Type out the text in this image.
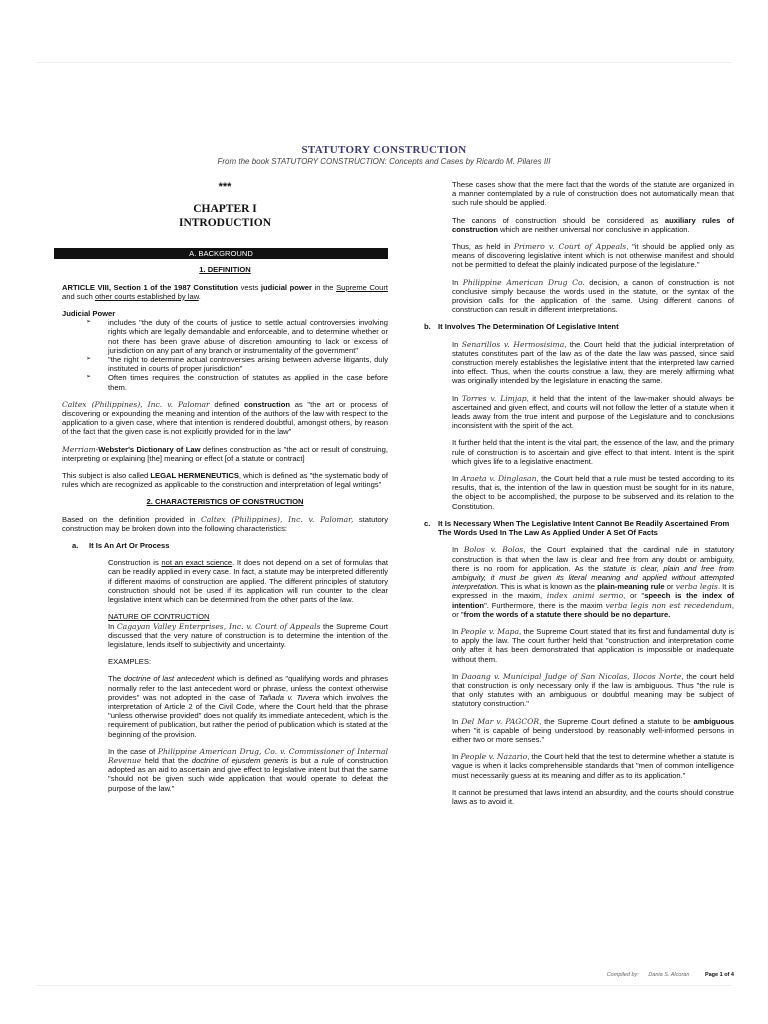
STATUTORY CONSTRUCTION
From the book STATUTORY CONSTRUCTION: Concepts and Cases by Ricardo M. Pilares III
***
CHAPTER I
INTRODUCTION
A. BACKGROUND
1. DEFINITION

ARTICLE VIII, Section 1 of the 1987 Constitution vests judicial power in the Supreme Court and such other courts established by law.

Judicial Power
➢ includes "the duty of the courts of justice to settle actual controversies involving rights which are legally demandable and enforceable, and to determine whether or not there has been grave abuse of discretion amounting to lack or excess of jurisdiction on any part of any branch or instrumentality of the government"
➢ "the right to determine actual controversies arising between adverse litigants, duly instituted in courts of proper jurisdiction"
➢ Often times requires the construction of statutes as applied in the case before them.

Caltex (Philippines), Inc. v. Palomar defined construction as "the art or process of discovering or expounding the meaning and intention of the authors of the law with respect to the application to a given case, where that intention is rendered doubtful, amongst others, by reason of the fact that the given case is not explicitly provided for in the law"

Merriam-Webster's Dictionary of Law defines construction as "the act or result of construing, interpreting or explaining [the] meaning or effect [of a statute or contract]

This subject is also called LEGAL HERMENEUTICS, which is defined as "the systematic body of rules which are recognized as applicable to the construction and interpretation of legal writings"

2. CHARACTERISTICS OF CONSTRUCTION

Based on the definition provided in Caltex (Philippines), Inc. v. Palomar, statutory construction may be broken down into the following characteristics:

a.	It Is An Art Or Process

Construction is not an exact science. It does not depend on a set of formulas that can be readily applied in every case. In fact, a statute may be interpreted differently if different maxims of construction are applied. The different principles of statutory construction should not be used if its application will run counter to the clear legislative intent which can be determined from the other parts of the law.

NATURE OF CONTRUCTION

In Cagayan Valley Enterprises, Inc. v. Court of Appeals the Supreme Court discussed that the very nature of construction is to determine the intention of the legislature, lends itself to subjectivity and uncertainty.

EXAMPLES:

The doctrine of last antecedent which is defined as "qualifying words and phrases normally refer to the last antecedent word or phrase, unless the context otherwise provides" was not adopted in the case of Tañada v. Tuvera which involves the interpretation of Article 2 of the Civil Code, where the Court held that the phrase "unless otherwise provided" does not qualify its immediate antecedent, which is the requirement of publication, but rather the period of publication which is stated at the beginning of the provision.

In the case of Philippine American Drug, Co. v. Commissioner of Internal Revenue held that the doctrine of ejusdem generis is but a rule of construction adopted as an aid to ascertain and give effect to legislative intent but that the same "should not be given such wide application that would operate to defeat the purpose of the law."

These cases show that the mere fact that the words of the statute are organized in a manner contemplated by a rule of construction does not automatically mean that such rule should be applied.

The canons of construction should be considered as auxiliary rules of construction which are neither universal nor conclusive in application.

Thus, as held in Primero v. Court of Appeals, "it should be applied only as means of discovering legislative intent which is not otherwise manifest and should not be permitted to defeat the plainly indicated purpose of the legislature."

In Philippine American Drug Co. decision, a canon of construction is not conclusive simply because the words used in the statute, or the syntax of the provision calls for the application of the same. Using different canons of construction can result in different interpretations.

b. It Involves The Determination Of Legislative Intent

In Senarillos v. Hermosisima, the Court held that the judicial interpretation of statutes constitutes part of the law as of the date the law was passed, since said construction merely establishes the legislative intent that the interpreted law carried into effect. Thus, when the courts construe a law, they are merely affirming what was originally intended by the legislature in enacting the same.

In Torres v. Limjap, it held that the intent of the law-maker should always be ascertained and given effect, and courts will not follow the letter of a statute when it leads away from the true intent and purpose of the Legislature and to conclusions inconsistent with the spirit of the act.

It further held that the intent is the vital part, the essence of the law, and the primary rule of construction is to ascertain and give effect to that intent. Intent is the spirit which gives life to a legislative enactment.

In Araeta v. Dinglasan, the Court held that a rule must be tested according to its results, that is, the intention of the law in question must be sought for in its nature, the object to be accomplished, the purpose to be subserved and its relation to the Constitution.

c.	It Is Necessary When The Legislative Intent Cannot Be Readily Ascertained From The Words Used In The Law As Applied Under A Set Of Facts

In Bolos v. Bolos, the Court explained that the cardinal rule in statutory construction is that when the law is clear and free from any doubt or ambiguity, there is no room for application. As the statute is clear, plain and free from ambiguity, it must be given its literal meaning and applied without attempted interpretation. This is what is known as the plain-meaning rule or verba legis. It is expressed in the maxim, index animi sermo, or "speech is the index of intention". Furthermore, there is the maxim verba legis non est recedendum, or "from the words of a statute there should be no departure.

In People v. Mapa, the Supreme Court stated that its first and fundamental duty is to apply the law. The court further held that "construction and interpretation come only after it has been demonstrated that application is impossible or inadequate without them.

In Daoang v. Municipal Judge of San Nicolas, Ilocos Norte, the court held that construction is only necessary only if the law is ambiguous. Thus "the rule is that only statutes with an ambiguous or doubtful meaning may be subject of statutory construction."

In Del Mar v. PAGCOR, the Supreme Court defined a statute to be ambiguous when "it is capable of being understood by reasonably well-informed persons in either two or more senses."

In People v. Nazario, the Court held that the test to determine whether a statute is vague is when it lacks comprehensible standards that "men of common intelligence must necessarily guess at its meaning and differ as to its application."

It cannot be presumed that laws intend an absurdity, and the courts should construe laws as to avoid it.

Compiled by: Dania S. Alcoran	Page 1 of 4
